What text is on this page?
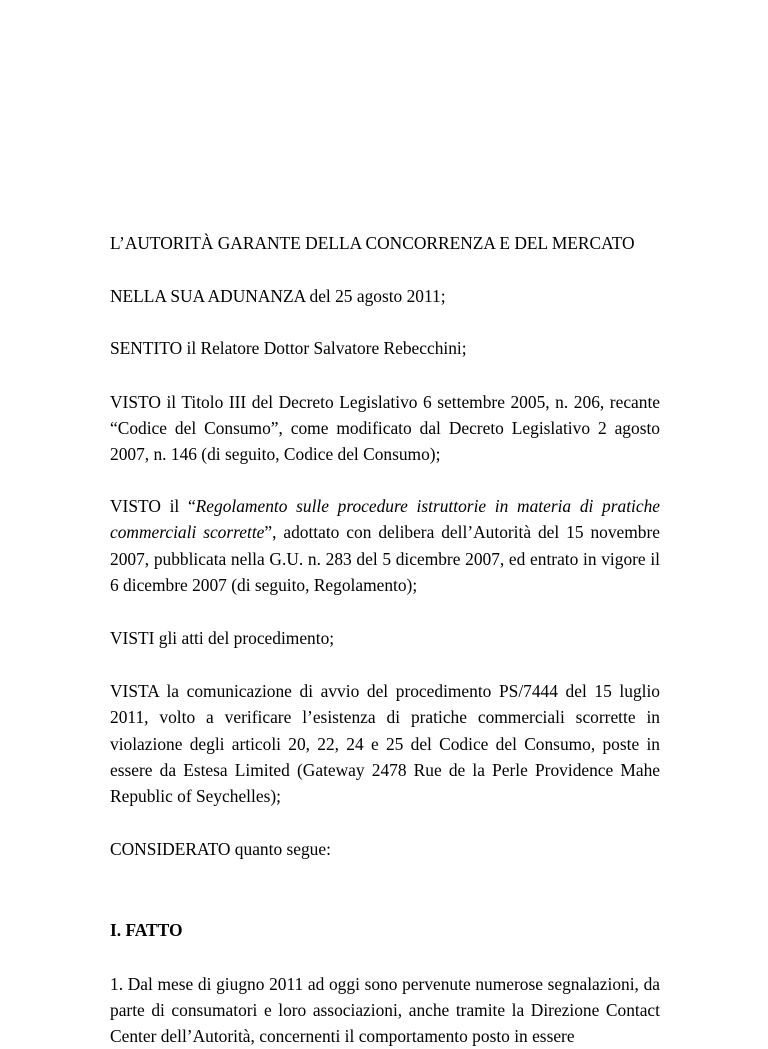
L’AUTORITÀ GARANTE DELLA CONCORRENZA E DEL MERCATO

NELLA SUA ADUNANZA del 25 agosto 2011;

SENTITO il Relatore Dottor Salvatore Rebecchini;

VISTO il Titolo III del Decreto Legislativo 6 settembre 2005, n. 206, recante “Codice del Consumo”, come modificato dal Decreto Legislativo 2 agosto 2007, n. 146 (di seguito, Codice del Consumo);

VISTO il “Regolamento sulle procedure istruttorie in materia di pratiche commerciali scorrette”, adottato con delibera dell’Autorità del 15 novembre 2007, pubblicata nella G.U. n. 283 del 5 dicembre 2007, ed entrato in vigore il 6 dicembre 2007 (di seguito, Regolamento);

VISTI gli atti del procedimento;

VISTA la comunicazione di avvio del procedimento PS/7444 del 15 luglio 2011, volto a verificare l’esistenza di pratiche commerciali scorrette in violazione degli articoli 20, 22, 24 e 25 del Codice del Consumo, poste in essere da Estesa Limited (Gateway 2478 Rue de la Perle Providence Mahe Republic of Seychelles);

CONSIDERATO quanto segue:

I. FATTO

1. Dal mese di giugno 2011 ad oggi sono pervenute numerose segnalazioni, da parte di consumatori e loro associazioni, anche tramite la Direzione Contact Center dell’Autorità, concernenti il comportamento posto in essere
